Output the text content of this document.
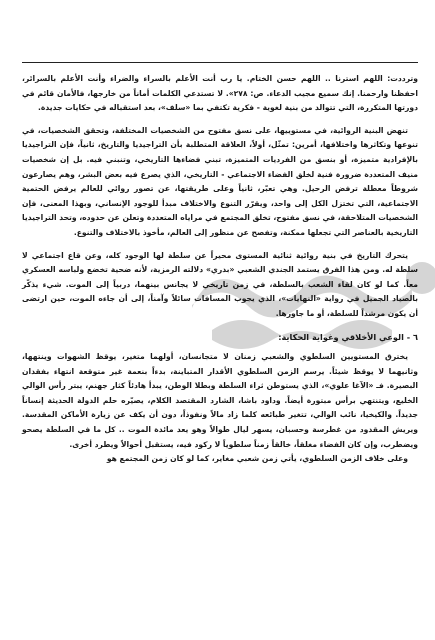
وترددت: اللهم استرنا .. اللهم حسن الختام. يا رب أنت الأعلم بالسراء والضراء وأنت الأعلم بالسرائر، احفظنا وارحمنا. إنك سميع مجيب الدعاء. ص: ٢٧٨». لا تستدعي الكلمات أماناً من خارجها، فالأمان قائم في دورتها المتكررة، التي تتوالد من بنية لغوية - فكرية تكتفي بما «سلف»، بعد استقباله في حكايات جديدة.

تنهض البنية الروائية، في مستوييها، على نسق مفتوح من الشخصيات المختلفة، وتحقق الشخصيات، في تنوعها وتكاثرها واختلافها، أمرين: تمثّل، أولاً، العلاقة المتطلبة بأن التراجيديا والتاريخ، ثانياً، فإن التراجيديا بالإفرادية متميزة، أو بنسق من الفرديات المتميزة، تبني فضاءها التاريخي، وتنبني فيه. بل إن شخصيات منيف المتعددة ضرورة فنية لخلق الفضاء الاجتماعي - التاريخي، الذي يصرع فيه بعض البشر، وهم يصارعون شروطاً معطلة ترفض الرحيل. وهي تعبّر، ثانياً وعلى طريقتها، عن تصور روائي للعالم يرفض الحتمية الاجتماعية، التي تختزل الكل إلى واحد، ويقرّر التنوع والاختلاف مبدأ للوجود الإنساني، وبهذا المعنى، فإن الشخصيات المتلاحقة، في نسق مفتوح، تخلق المجتمع في مراياه المتعددة وتعلن عن حدوده، وتحد التراجيديا التاريخية بالعناصر التي تجعلها ممكنة، وتفصح عن منظور إلى العالم، مأخوذ بالاختلاف والتنوع.

يتحرك التاريخ في بنية روائية ثنائية المستوى محيراً عن سلطة لها الوجود كله، وعن قاع اجتماعي لا سلطة له. ومن هذا الفرق يستمد الجندي الشعبي «بدري» دلالته الرمزية، لأنه ضحية تخضع ولباسه العسكري معاً. كما لو كان لقاء الشعب بالسلطة، في زمن تاريخي لا يجانس بينهما، دربياً إلى الموت. شيء يذكّر بالصياد الجميل في رواية «النهايات»، الذي يجوب المسافات سائلاً وآمناً، إلى أن جاءه الموت، حين ارتضى أن يكون مرشداً للسلطة، أو ما جاورها.

٦ - الوعي الأخلاقي وغواية الحكاية:

يخترق المستويين السلطوي والشعبي زمنان لا متجانسان، أولهما متغير، يوقظ الشهوات وينتهها، وثانيهما لا يوقظ شيئاً. يرسم الزمن السلطوي الأقدار المتباينة، بدءاً بنعمة غير متوقعة انتهاء بفقدان البصيرة. فـ «الآغا علوي»، الذي يستوطن ثراء السلطة وبطلا الوطن، يبدأ هادئاً كثار جهنم، يبتر رأس الوالي الخليع، ويتنتهي برأس مبتورة أيضاً. وداود باشا، الشارد المقتصد الكلام، يصيّره حلم الدولة الحديثة إنساناً جديداً. والكيخيا، نائب الوالي، تتغير طبائعه كلما زاد مالاً ونفوذاً، دون أن يكف عن زيارة الأماكن المقدسة. ويريش المقدود من غطرسة وحسبان، يسهر ليال طوالاً وهو يعد مائدة الموت .. كل ما في السلطة يصحو ويضطرب، وإن كان الفضاء مغلقاً، خالقاً زمناً سلطوياً لا ركود فيه، يستقبل أحوالاً ويطرد أخرى.

وعلى خلاف الزمن السلطوي، يأتي زمن شعبي مغاير، كما لو كان زمن المجتمع هو
